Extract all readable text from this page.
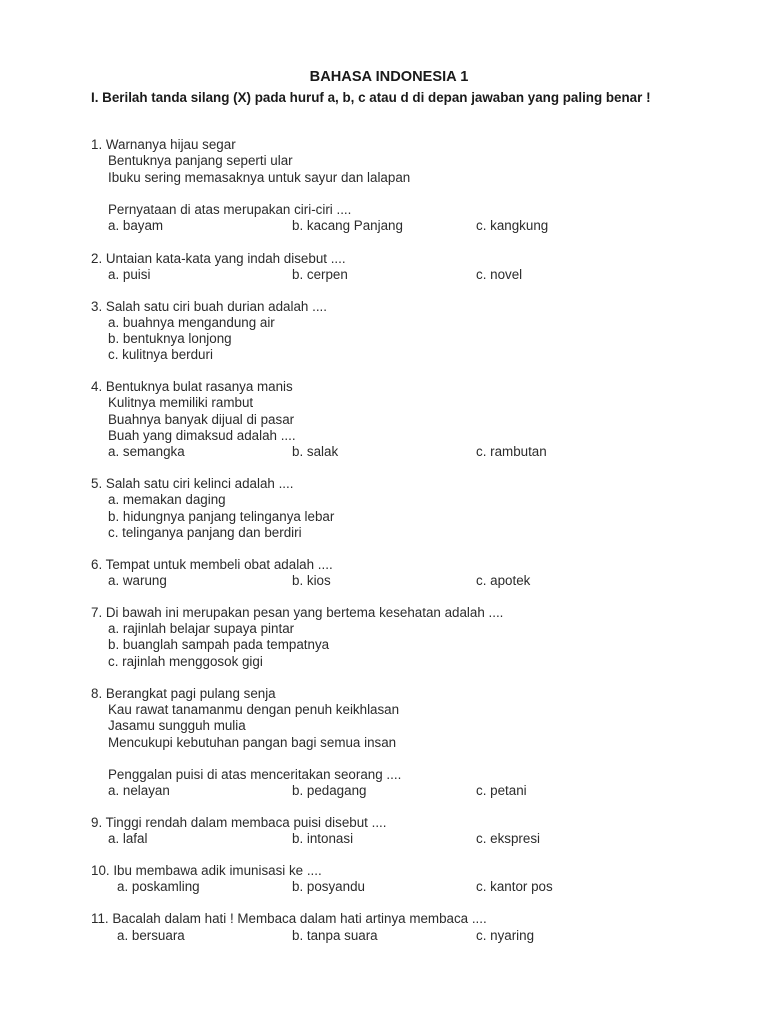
BAHASA INDONESIA 1
I. Berilah tanda silang (X) pada huruf a, b, c atau d di depan jawaban yang paling benar !
1. Warnanya hijau segar
Bentuknya panjang seperti ular
Ibuku sering memasaknya untuk sayur dan lalapan
Pernyataan di atas merupakan ciri-ciri ....
a. bayam	b. kacang Panjang	c. kangkung
2. Untaian kata-kata yang indah disebut ....
a. puisi	b. cerpen	c. novel
3. Salah satu ciri buah durian adalah ....
a. buahnya mengandung air
b. bentuknya lonjong
c. kulitnya berduri
4. Bentuknya bulat rasanya manis
Kulitnya memiliki rambut
Buahnya banyak dijual di pasar
Buah yang dimaksud adalah ....
a. semangka	b. salak	c. rambutan
5. Salah satu ciri kelinci adalah ....
a. memakan daging
b. hidungnya panjang telinganya lebar
c. telinganya panjang dan berdiri
6. Tempat untuk membeli obat adalah ....
a. warung	b. kios	c. apotek
7. Di bawah ini merupakan pesan yang bertema kesehatan adalah ....
a. rajinlah belajar supaya pintar
b. buanglah sampah pada tempatnya
c. rajinlah menggosok gigi
8. Berangkat pagi pulang senja
Kau rawat tanamanmu dengan penuh keikhlasan
Jasamu sungguh mulia
Mencukupi kebutuhan pangan bagi semua insan
Penggalan puisi di atas menceritakan seorang ....
a. nelayan	b. pedagang	c. petani
9. Tinggi rendah dalam membaca puisi disebut ....
a. lafal	b. intonasi	c. ekspresi
10. Ibu membawa adik imunisasi ke ....
a. poskamling	b. posyandu	c. kantor pos
11. Bacalah dalam hati ! Membaca dalam hati artinya membaca ....
a. bersuara	b. tanpa suara	c. nyaring
